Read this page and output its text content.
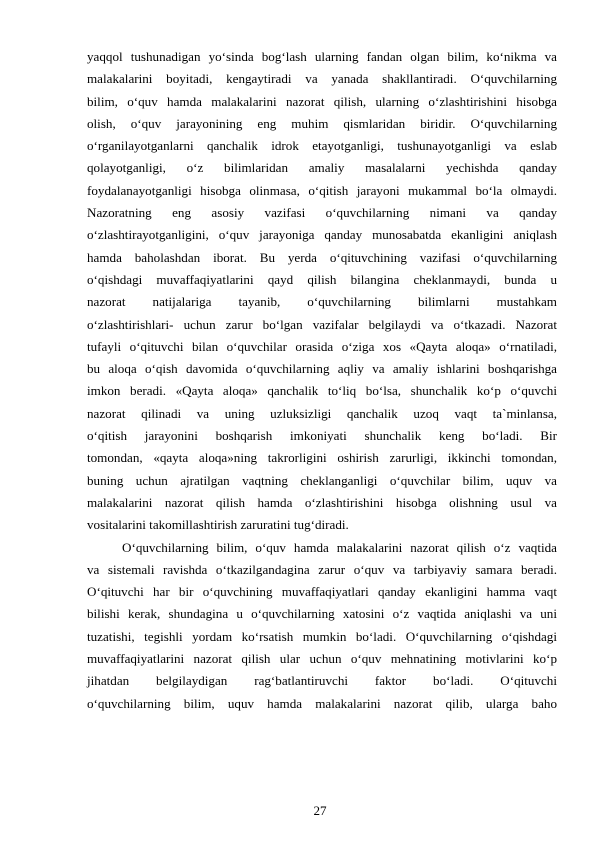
yaqqol tushunadigan yo‘sinda bog‘lash ularning fandan olgan bilim, ko‘nikma va
malakalarini boyitadi, kengaytiradi va yanada shakllantiradi. O‘quvchilarning
bilim, o‘quv hamda malakalarini nazorat qilish, ularning o‘zlashtirishini hisobga
olish, o‘quv jarayonining eng muhim qismlaridan biridir. O‘quvchilarning
o‘rganilayotganlarni qanchalik idrok etayotganligi, tushunayotganligi va eslab
qolayotganligi, o‘z bilimlaridan amaliy masalalarni yechishda qanday
foydalanayotganligi hisobga olinmasa, o‘qitish jarayoni mukammal bo‘la olmaydi.
Nazoratning eng asosiy vazifasi o‘quvchilarning nimani va qanday
o‘zlashtirayotganligini, o‘quv jarayoniga qanday munosabatda ekanligini aniqlash
hamda baholashdan iborat. Bu yerda o‘qituvchining vazifasi o‘quvchilarning
o‘qishdagi muvaffaqiyatlarini qayd qilish bilangina cheklanmaydi, bunda u
nazorat natijalariga tayanib, o‘quvchilarning bilimlarni mustahkam
o‘zlashtirishlari- uchun zarur bo‘lgan vazifalar belgilaydi va o‘tkazadi. Nazorat
tufayli o‘qituvchi bilan o‘quvchilar orasida o‘ziga xos «Qayta aloqa» o‘rnatiladi,
bu aloqa o‘qish davomida o‘quvchilarning aqliy va amaliy ishlarini boshqarishga
imkon beradi. «Qayta aloqa» qanchalik to‘liq bo‘lsa, shunchalik ko‘p o‘quvchi
nazorat qilinadi va uning uzluksizligi qanchalik uzoq vaqt ta`minlansa,
o‘qitish jarayonini boshqarish imkoniyati shunchalik keng bo‘ladi. Bir
tomondan, «qayta aloqa»ning takrorligini oshirish zarurligi, ikkinchi tomondan,
buning uchun ajratilgan vaqtning cheklanganligi o‘quvchilar bilim, uquv va
malakalarini nazorat qilish hamda o‘zlashtirishini hisobga olishning usul va
vositalarini takomillashtirish zaruratini tug‘diradi.
O‘quvchilarning bilim, o‘quv hamda malakalarini nazorat qilish o‘z vaqtida
va sistemali ravishda o‘tkazilgandagina zarur o‘quv va tarbiyaviy samara beradi.
O‘qituvchi har bir o‘quvchining muvaffaqiyatlari qanday ekanligini hamma vaqt
bilishi kerak, shundagina u o‘quvchilarning xatosini o‘z vaqtida aniqlashi va uni
tuzatishi, tegishli yordam ko‘rsatish mumkin bo‘ladi. O‘quvchilarning o‘qishdagi
muvaffaqiyatlarini nazorat qilish ular uchun o‘quv mehnatining motivlarini ko‘p
jihatdan belgilaydigan rag‘batlantiruvchi faktor bo‘ladi. O‘qituvchi
o‘quvchilarning bilim, uquv hamda malakalarini nazorat qilib, ularga baho
27
